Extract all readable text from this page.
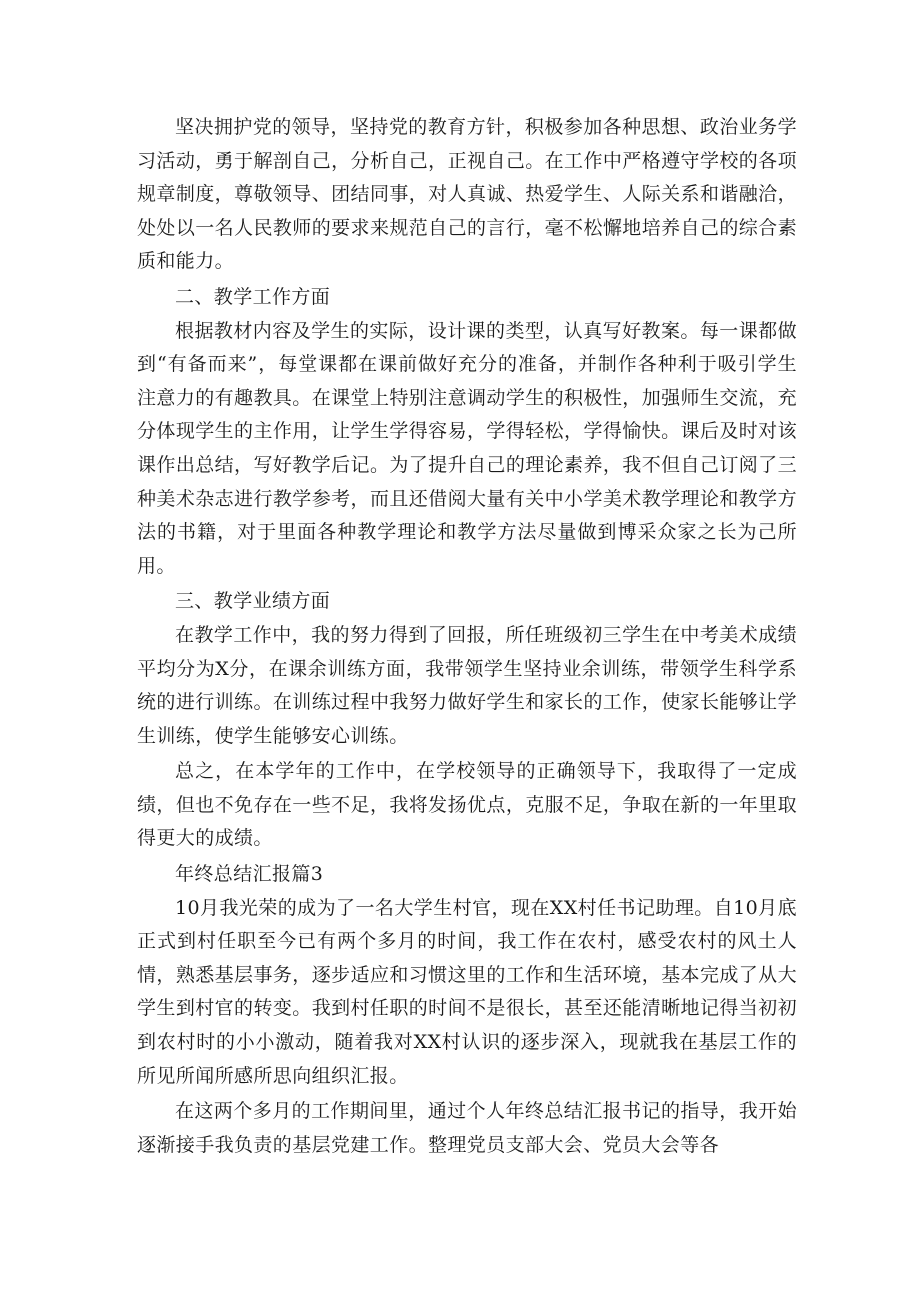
坚决拥护党的领导，坚持党的教育方针，积极参加各种思想、政治业务学习活动，勇于解剖自己，分析自己，正视自己。在工作中严格遵守学校的各项规章制度，尊敬领导、团结同事，对人真诚、热爱学生、人际关系和谐融洽，处处以一名人民教师的要求来规范自己的言行，毫不松懈地培养自己的综合素质和能力。

二、教学工作方面

根据教材内容及学生的实际，设计课的类型，认真写好教案。每一课都做到“有备而来”，每堂课都在课前做好充分的准备，并制作各种利于吸引学生注意力的有趣教具。在课堂上特别注意调动学生的积极性，加强师生交流，充分体现学生的主作用，让学生学得容易，学得轻松，学得愉快。课后及时对该课作出总结，写好教学后记。为了提升自己的理论素养，我不但自己订阅了三种美术杂志进行教学参考，而且还借阅大量有关中小学美术教学理论和教学方法的书籍，对于里面各种教学理论和教学方法尽量做到博采众家之长为己所用。

三、教学业绩方面

在教学工作中，我的努力得到了回报，所任班级初三学生在中考美术成绩平均分为X分，在课余训练方面，我带领学生坚持业余训练，带领学生科学系统的进行训练。在训练过程中我努力做好学生和家长的工作，使家长能够让学生训练，使学生能够安心训练。

总之，在本学年的工作中，在学校领导的正确领导下，我取得了一定成绩，但也不免存在一些不足，我将发扬优点，克服不足，争取在新的一年里取得更大的成绩。

年终总结汇报篇3

10月我光荣的成为了一名大学生村官，现在XX村任书记助理。自10月底正式到村任职至今已有两个多月的时间，我工作在农村，感受农村的风土人情，熟悉基层事务，逐步适应和习惯这里的工作和生活环境，基本完成了从大学生到村官的转变。我到村任职的时间不是很长，甚至还能清晰地记得当初初到农村时的小小激动，随着我对XX村认识的逐步深入，现就我在基层工作的所见所闻所感所思向组织汇报。

在这两个多月的工作期间里，通过个人年终总结汇报书记的指导，我开始逐渐接手我负责的基层党建工作。整理党员支部大会、党员大会等各
